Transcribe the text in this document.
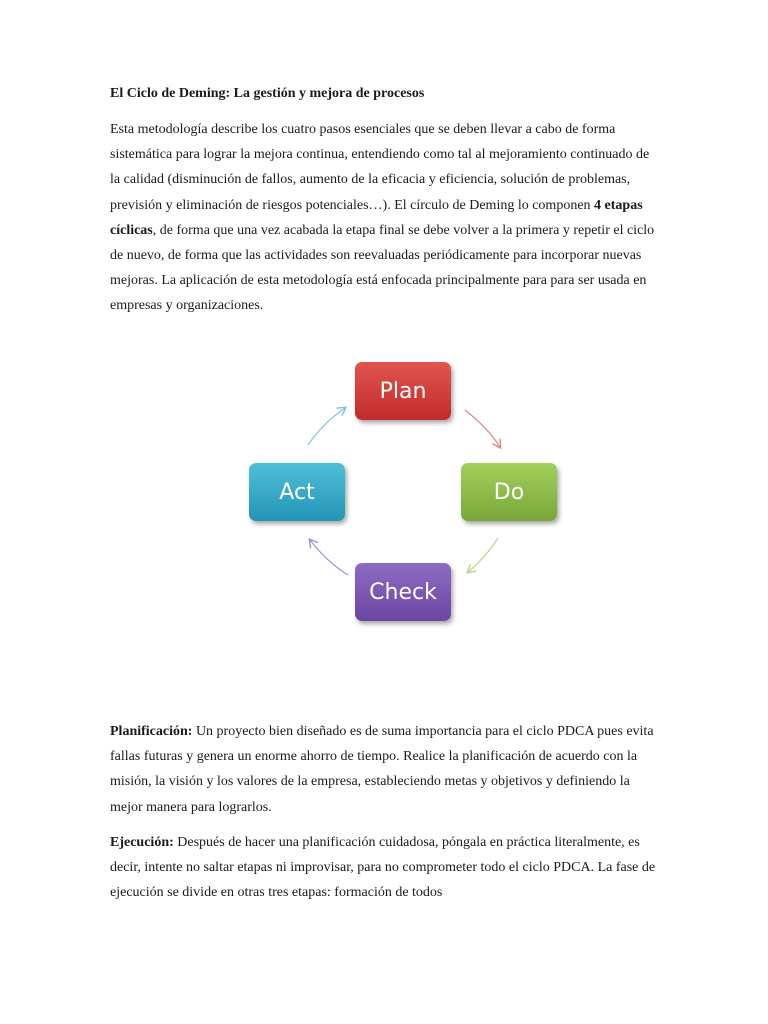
El Ciclo de Deming: La gestión y mejora de procesos

Esta metodología describe los cuatro pasos esenciales que se deben llevar a cabo de forma sistemática para lograr la mejora continua, entendiendo como tal al mejoramiento continuado de la calidad (disminución de fallos, aumento de la eficacia y eficiencia, solución de problemas, previsión y eliminación de riesgos potenciales…). El círculo de Deming lo componen 4 etapas cíclicas, de forma que una vez acabada la etapa final se debe volver a la primera y repetir el ciclo de nuevo, de forma que las actividades son reevaluadas periódicamente para incorporar nuevas mejoras. La aplicación de esta metodología está enfocada principalmente para para ser usada en empresas y organizaciones.

Plan
Do
Check
Act

Planificación: Un proyecto bien diseñado es de suma importancia para el ciclo PDCA pues evita fallas futuras y genera un enorme ahorro de tiempo. Realice la planificación de acuerdo con la misión, la visión y los valores de la empresa, estableciendo metas y objetivos y definiendo la mejor manera para lograrlos.

Ejecución: Después de hacer una planificación cuidadosa, póngala en práctica literalmente, es decir, intente no saltar etapas ni improvisar, para no comprometer todo el ciclo PDCA. La fase de ejecución se divide en otras tres etapas: formación de todos
